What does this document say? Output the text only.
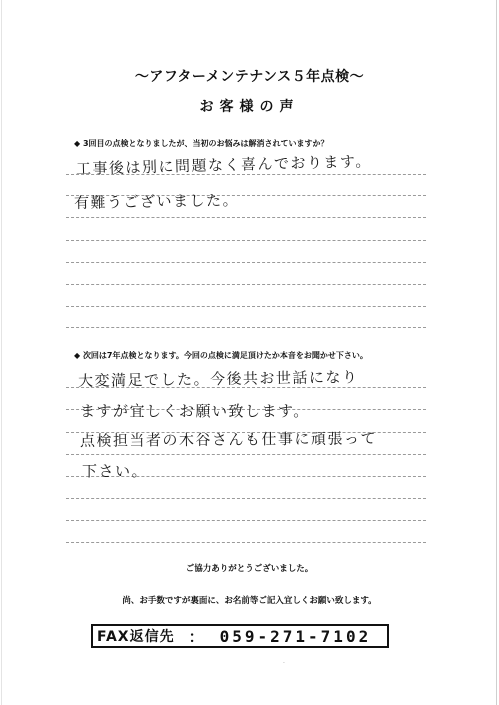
～アフターメンテナンス５年点検～
お客様の声
◆ 3回目の点検となりましたが、当初のお悩みは解消されていますか？
工事後は別に問題なく喜んでおります。
有難うございました。
◆ 次回は7年点検となります。今回の点検に満足頂けたか本音をお聞かせ下さい。
大変満足でした。今後共お世話になり
ますが宜しくお願い致します。
点検担当者の木谷さんも仕事に頑張って
下さい。
ご協力ありがとうございました。
尚、お手数ですが裏面に、お名前等ご記入宜しくお願い致します。
FAX返信先 ： 059-271-7102
·
